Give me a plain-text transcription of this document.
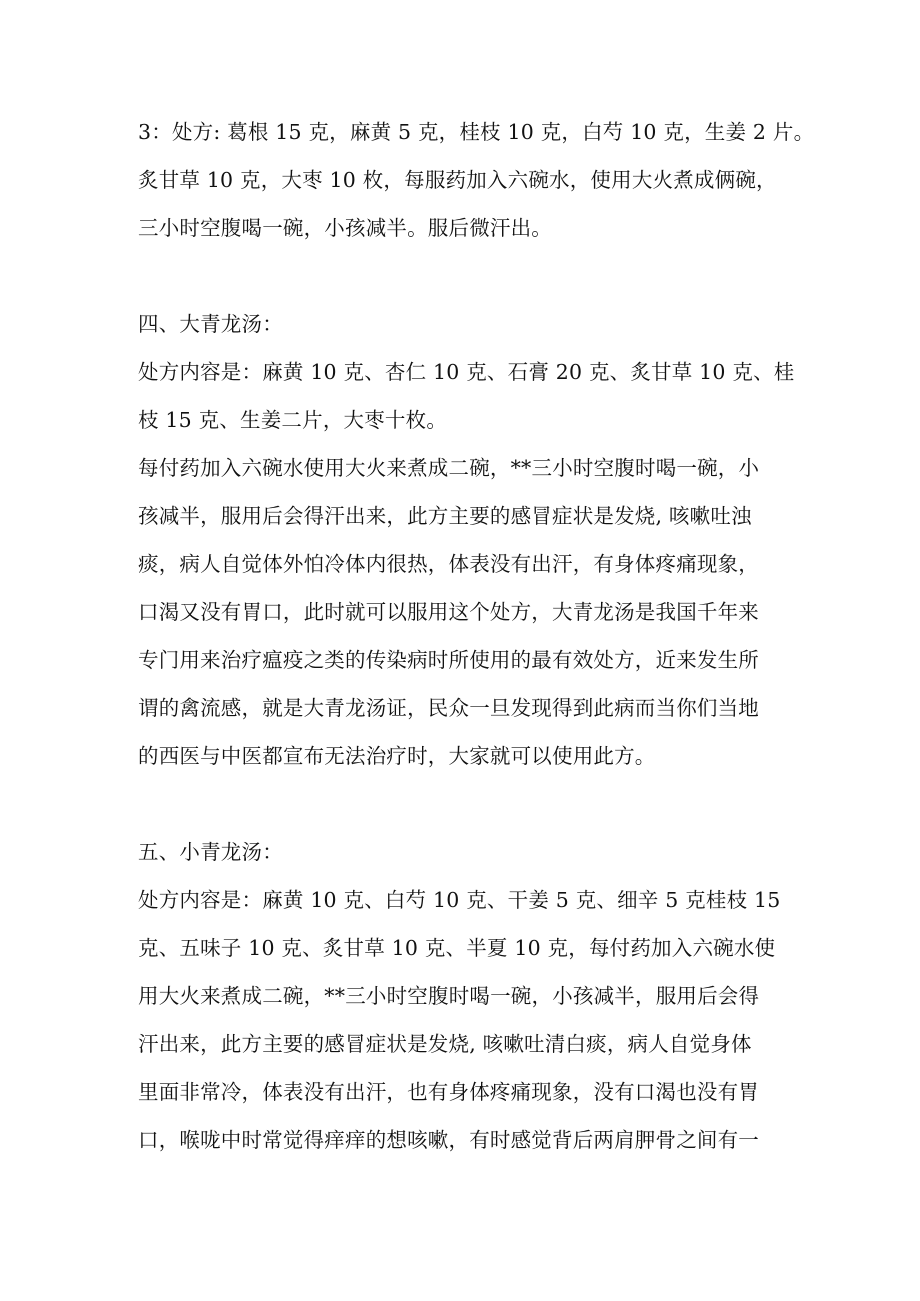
3：处方: 葛根 15 克，麻黄 5 克，桂枝 10 克，白芍 10 克，生姜 2 片。
炙甘草 10 克，大枣 10 枚，每服药加入六碗水，使用大火煮成俩碗，
三小时空腹喝一碗，小孩减半。服后微汗出。
四、大青龙汤：
处方内容是：麻黄 10 克、杏仁 10 克、石膏 20 克、炙甘草 10 克、桂
枝 15 克、生姜二片，大枣十枚。
每付药加入六碗水使用大火来煮成二碗，**三小时空腹时喝一碗，小
孩减半，服用后会得汗出来，此方主要的感冒症状是发烧, 咳嗽吐浊
痰，病人自觉体外怕冷体内很热，体表没有出汗，有身体疼痛现象，
口渴又没有胃口，此时就可以服用这个处方，大青龙汤是我国千年来
专门用来治疗瘟疫之类的传染病时所使用的最有效处方，近来发生所
谓的禽流感，就是大青龙汤证，民众一旦发现得到此病而当你们当地
的西医与中医都宣布无法治疗时，大家就可以使用此方。
五、小青龙汤：
处方内容是：麻黄 10 克、白芍 10 克、干姜 5 克、细辛 5 克桂枝 15
克、五味子 10 克、炙甘草 10 克、半夏 10 克，每付药加入六碗水使
用大火来煮成二碗，**三小时空腹时喝一碗，小孩减半，服用后会得
汗出来，此方主要的感冒症状是发烧, 咳嗽吐清白痰，病人自觉身体
里面非常冷，体表没有出汗，也有身体疼痛现象，没有口渴也没有胃
口，喉咙中时常觉得痒痒的想咳嗽，有时感觉背后两肩胛骨之间有一
